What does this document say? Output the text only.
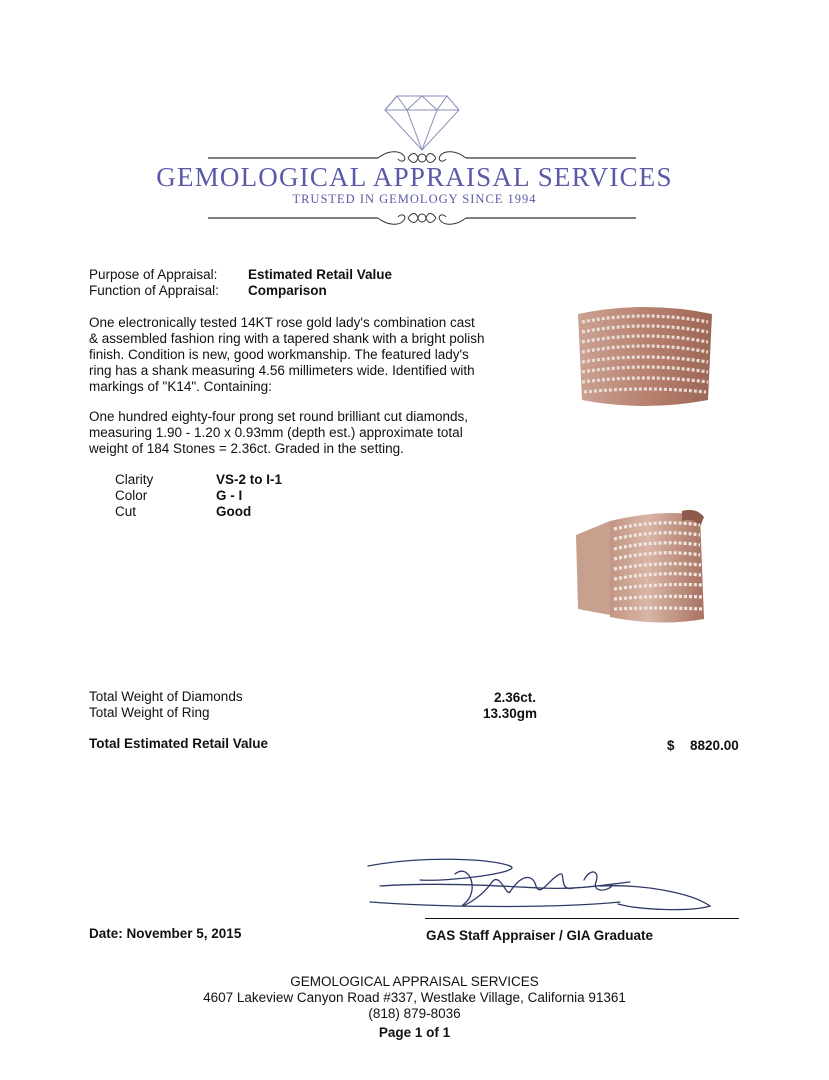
GEMOLOGICAL APPRAISAL SERVICES
TRUSTED IN GEMOLOGY SINCE 1994
Purpose of Appraisal: Estimated Retail Value
Function of Appraisal: Comparison
One electronically tested 14KT rose gold lady's combination cast
& assembled fashion ring with a tapered shank with a bright polish
finish. Condition is new, good workmanship. The featured lady's
ring has a shank measuring 4.56 millimeters wide. Identified with
markings of "K14". Containing:
One hundred eighty-four prong set round brilliant cut diamonds,
measuring 1.90 - 1.20 x 0.93mm (depth est.) approximate total
weight of 184 Stones = 2.36ct. Graded in the setting.
Clarity	VS-2 to I-1
Color	G - I
Cut	Good
Total Weight of Diamonds	2.36ct.
Total Weight of Ring	13.30gm
Total Estimated Retail Value	$ 8820.00
Date: November 5, 2015	GAS Staff Appraiser / GIA Graduate
GEMOLOGICAL APPRAISAL SERVICES
4607 Lakeview Canyon Road #337, Westlake Village, California 91361
(818) 879-8036
Page 1 of 1
